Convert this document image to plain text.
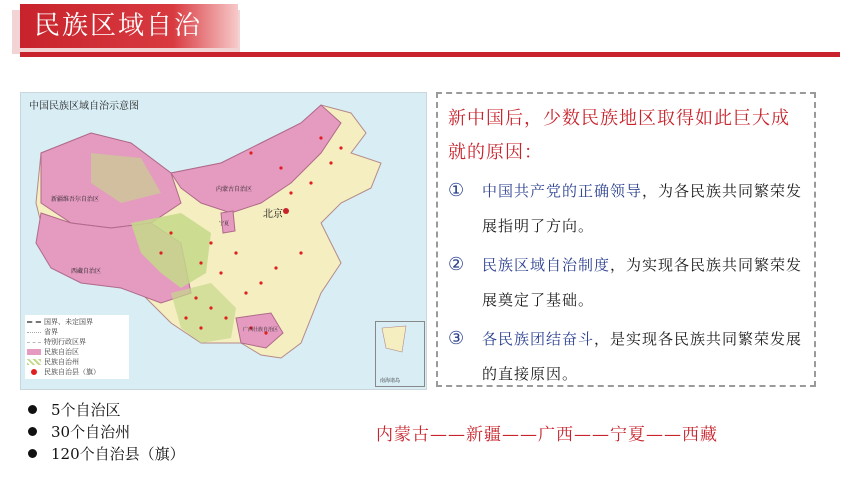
民族区域自治
中国民族区域自治示意图
新疆维吾尔自治区
西藏自治区
内蒙古自治区
宁夏
广西壮族自治区
北京
国界、未定国界
省界
特别行政区界
民族自治区
民族自治州
民族自治县（旗）
南海诸岛
新中国后，少数民族地区取得如此巨大成就的原因：
① 中国共产党的正确领导，为各民族共同繁荣发展指明了方向。
② 民族区域自治制度，为实现各民族共同繁荣发展奠定了基础。
③ 各民族团结奋斗，是实现各民族共同繁荣发展的直接原因。
5个自治区
30个自治州
120个自治县（旗）
内蒙古——新疆——广西——宁夏——西藏
